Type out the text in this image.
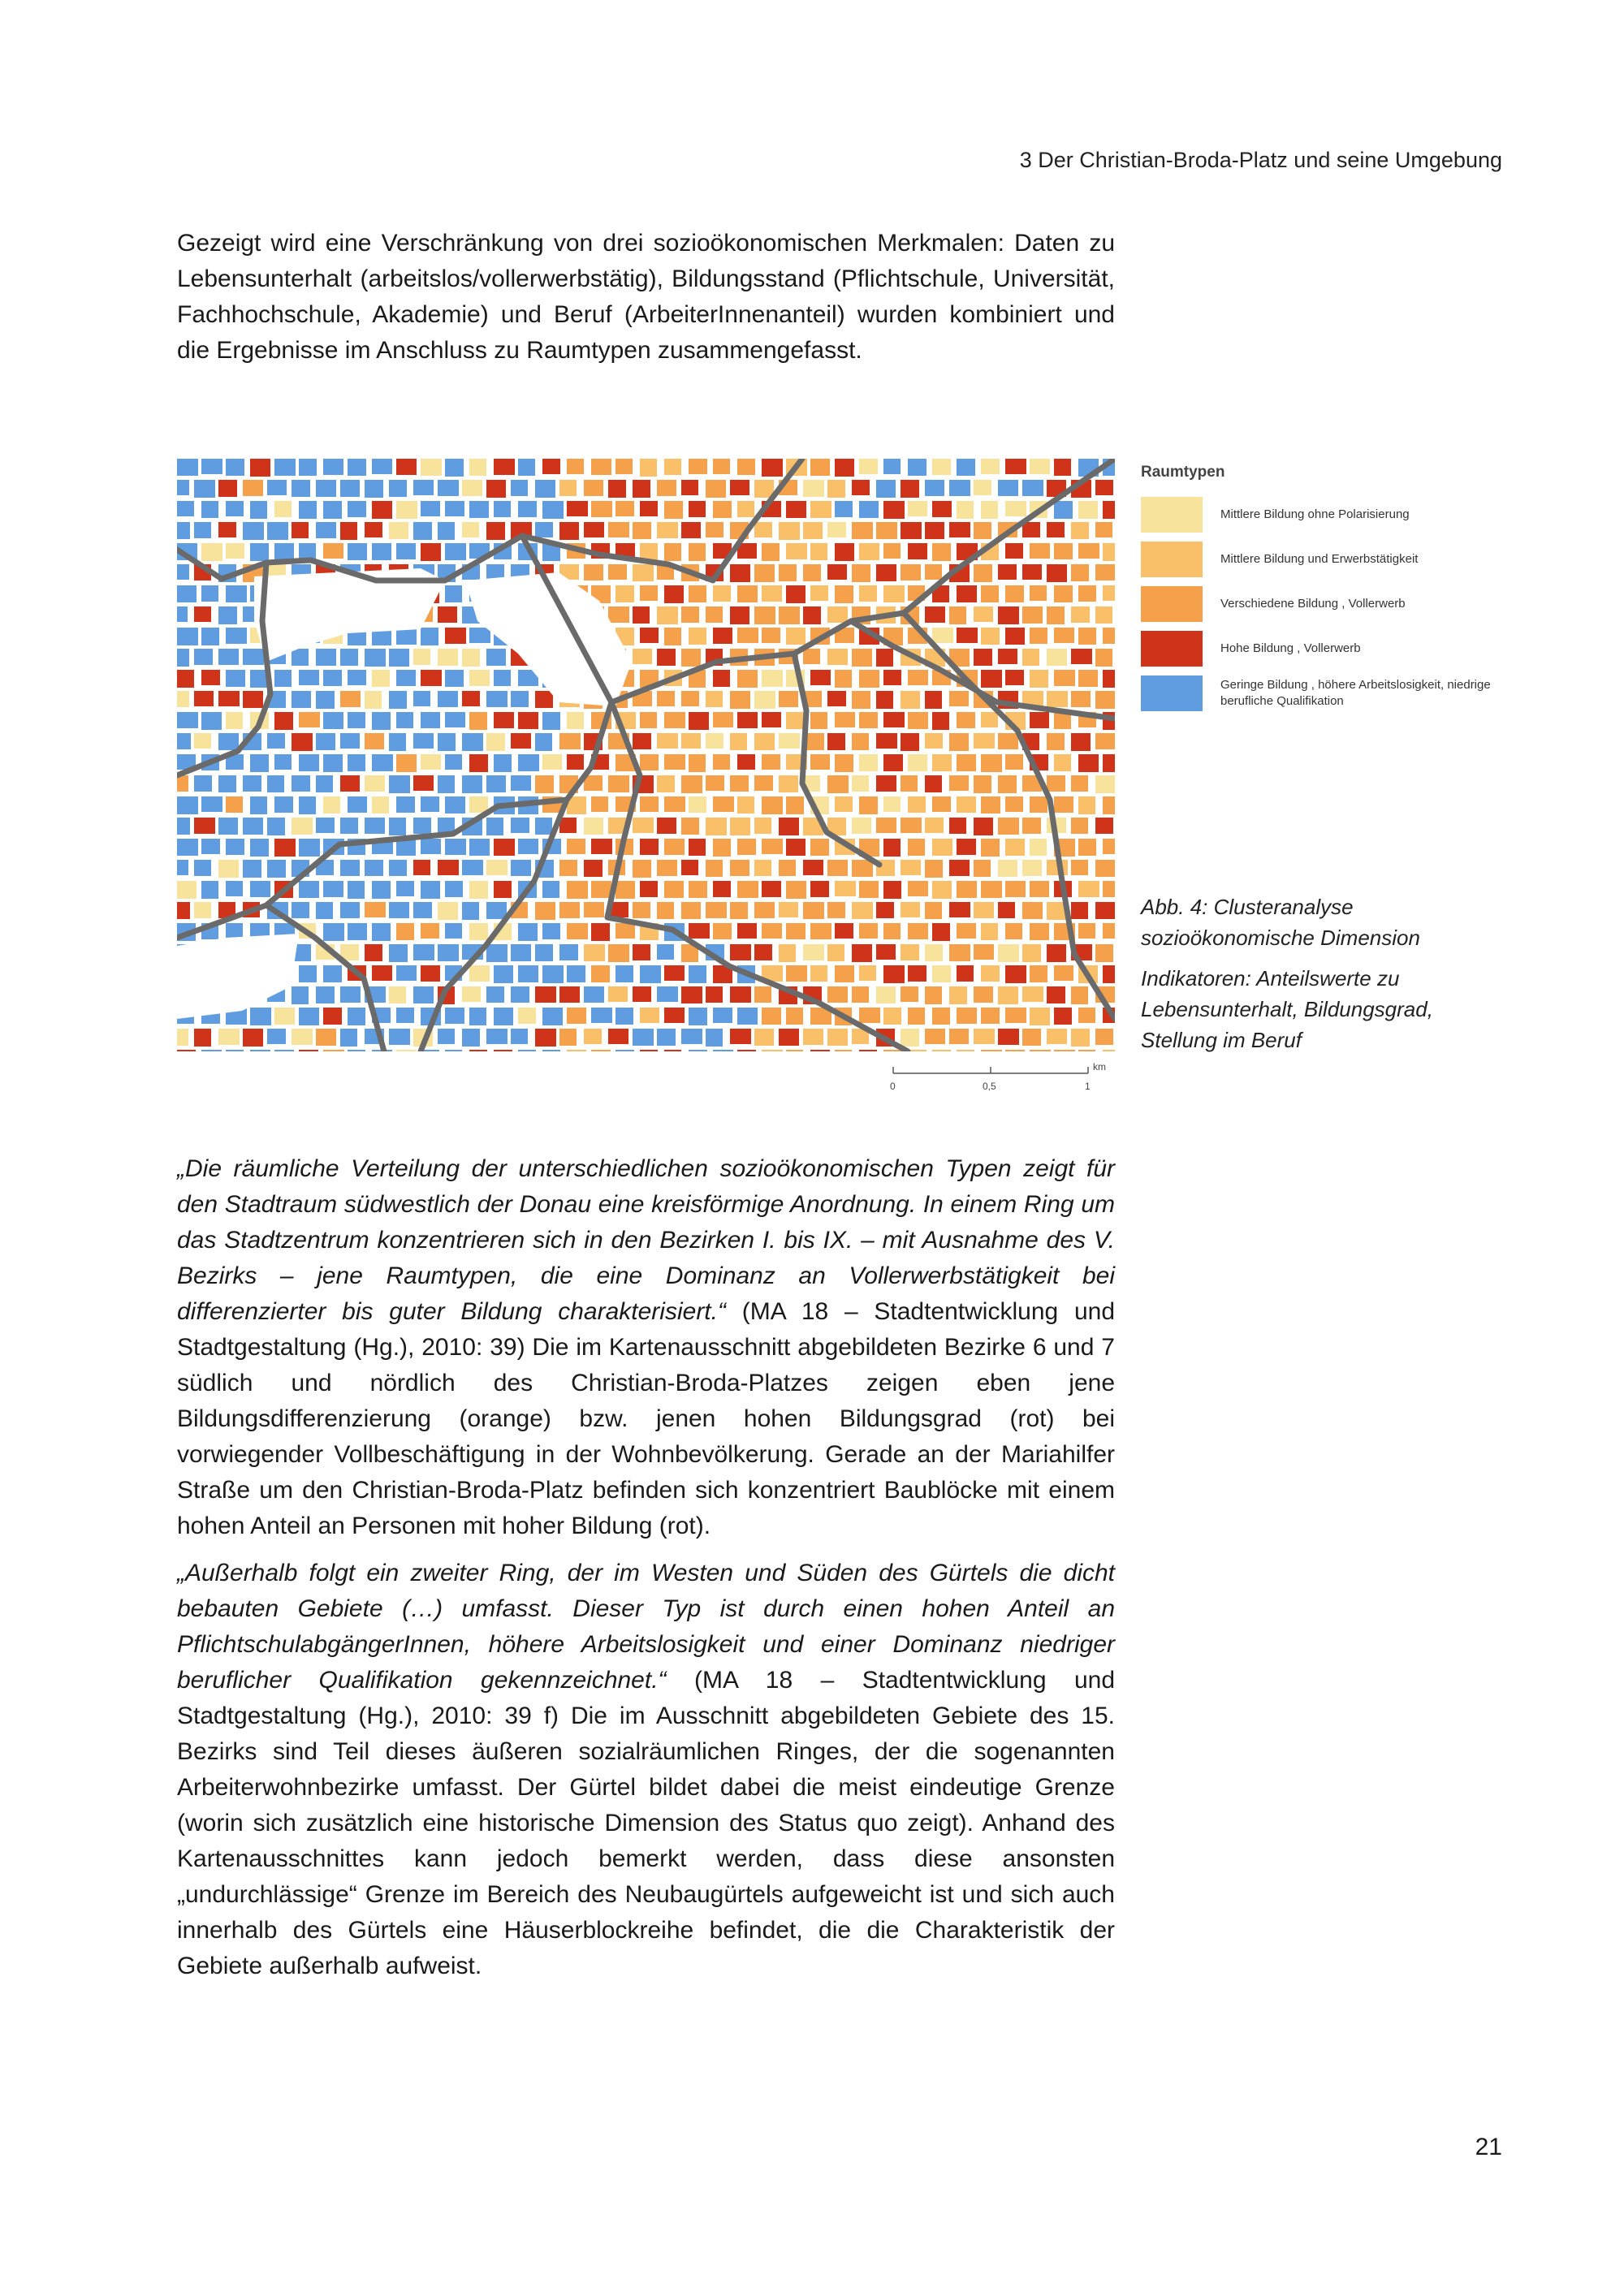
3 Der Christian-Broda-Platz und seine Umgebung

Gezeigt wird eine Verschränkung von drei sozioökonomischen Merkmalen: Daten zu Lebensunterhalt (arbeitslos/vollerwerbstätig), Bildungsstand (Pflichtschule, Universität, Fachhochschule, Akademie) und Beruf (ArbeiterInnenanteil) wurden kombiniert und die Ergebnisse im Anschluss zu Raumtypen zusammengefasst.

0	0,5	1
km
Raumtypen
Mittlere Bildung ohne Polarisierung
Mittlere Bildung und Erwerbstätigkeit
Verschiedene Bildung , Vollerwerb
Hohe Bildung , Vollerwerb
Geringe Bildung , höhere Arbeitslosigkeit, niedrige berufliche Qualifikation

Abb. 4: Clusteranalyse sozioökonomische Dimension

Indikatoren: Anteilswerte zu Lebensunterhalt, Bildungsgrad, Stellung im Beruf

„Die räumliche Verteilung der unterschiedlichen sozioökonomischen Typen zeigt für den Stadtraum südwestlich der Donau eine kreisförmige Anordnung. In einem Ring um das Stadtzentrum konzentrieren sich in den Bezirken I. bis IX. – mit Ausnahme des V. Bezirks – jene Raumtypen, die eine Dominanz an Vollerwerbstätigkeit bei differenzierter bis guter Bildung charakterisiert.“ (MA 18 – Stadtentwicklung und Stadtgestaltung (Hg.), 2010: 39) Die im Kartenausschnitt abgebildeten Bezirke 6 und 7 südlich und nördlich des Christian-Broda-Platzes zeigen eben jene Bildungsdifferenzierung (orange) bzw. jenen hohen Bildungsgrad (rot) bei vorwiegender Vollbeschäftigung in der Wohnbevölkerung. Gerade an der Mariahilfer Straße um den Christian-Broda-Platz befinden sich konzentriert Baublöcke mit einem hohen Anteil an Personen mit hoher Bildung (rot).

„Außerhalb folgt ein zweiter Ring, der im Westen und Süden des Gürtels die dicht bebauten Gebiete (…) umfasst. Dieser Typ ist durch einen hohen Anteil an PflichtschulabgängerInnen, höhere Arbeitslosigkeit und einer Dominanz niedriger beruflicher Qualifikation gekennzeichnet.“ (MA 18 – Stadtentwicklung und Stadtgestaltung (Hg.), 2010: 39 f) Die im Ausschnitt abgebildeten Gebiete des 15. Bezirks sind Teil dieses äußeren sozialräumlichen Ringes, der die sogenannten Arbeiterwohnbezirke umfasst. Der Gürtel bildet dabei die meist eindeutige Grenze (worin sich zusätzlich eine historische Dimension des Status quo zeigt). Anhand des Kartenausschnittes kann jedoch bemerkt werden, dass diese ansonsten „undurchlässige“ Grenze im Bereich des Neubaugürtels aufgeweicht ist und sich auch innerhalb des Gürtels eine Häuserblockreihe befindet, die die Charakteristik der Gebiete außerhalb aufweist.

21
